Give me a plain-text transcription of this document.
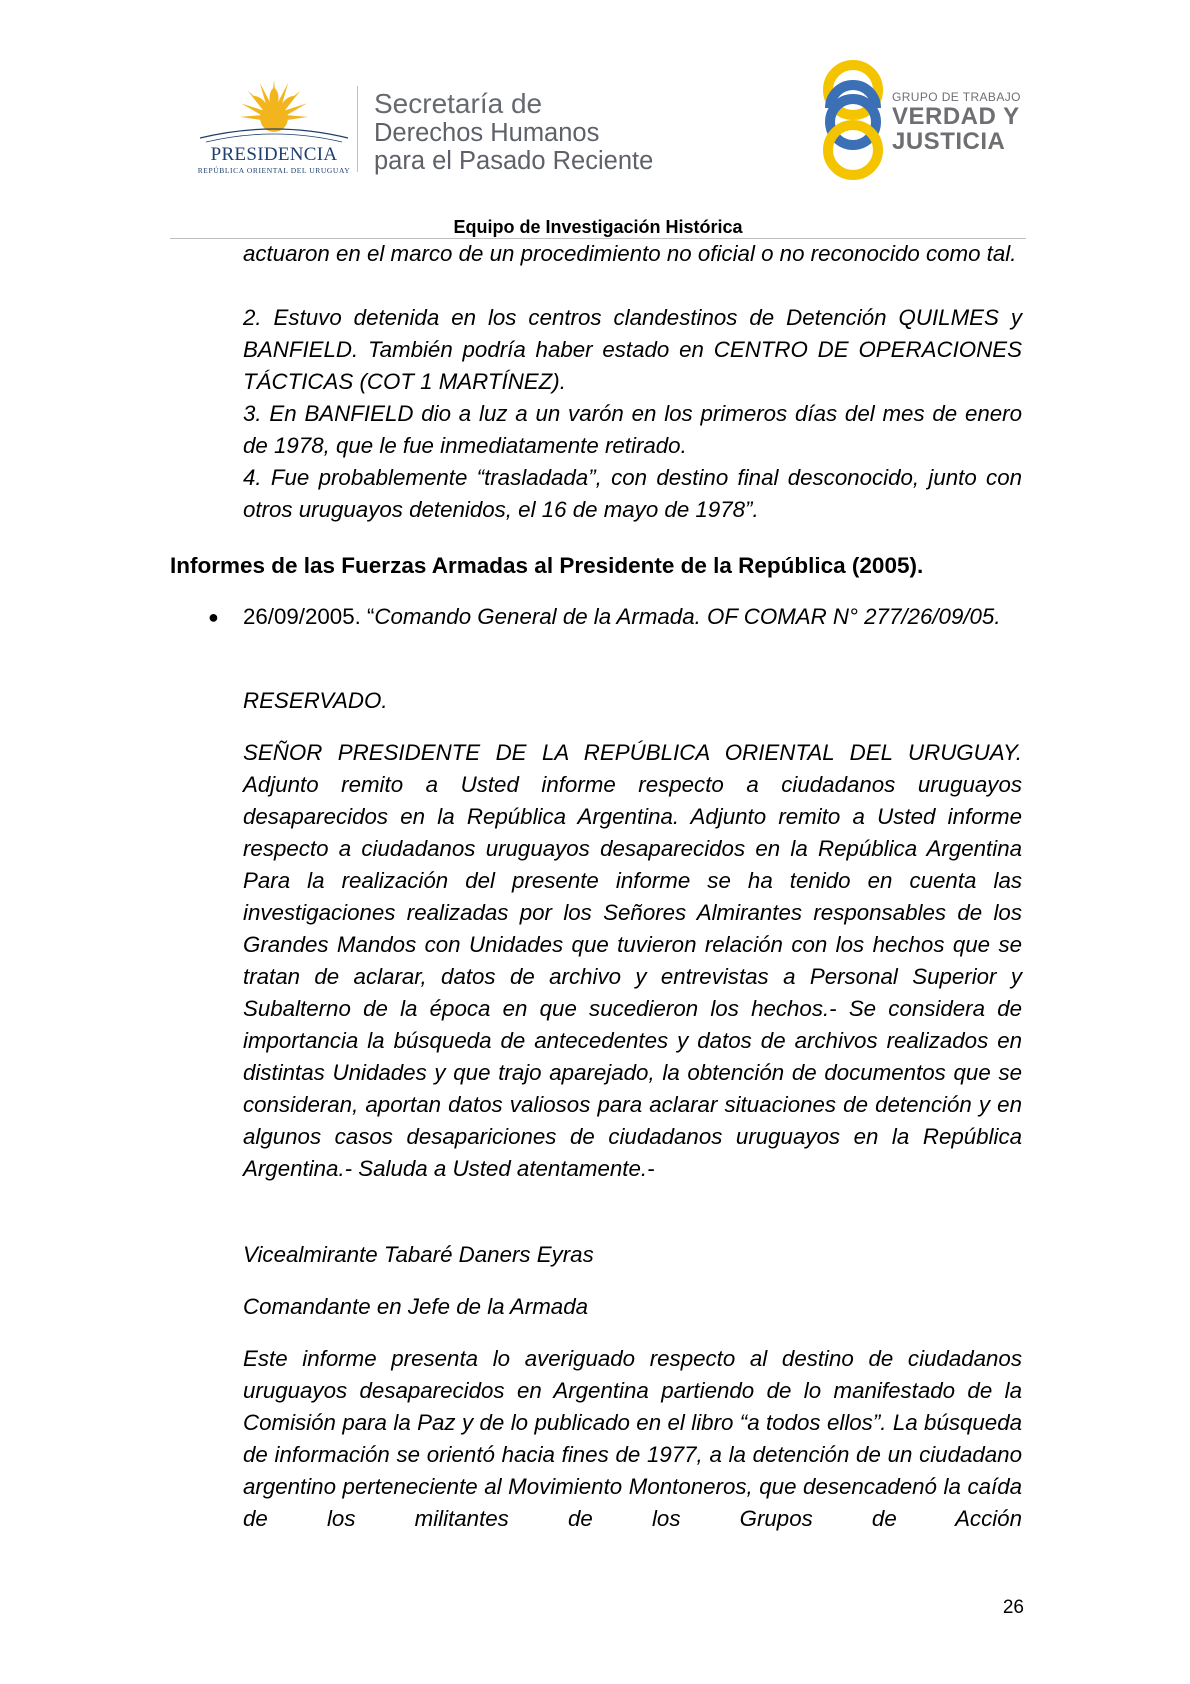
PRESIDENCIA
REPÚBLICA ORIENTAL DEL URUGUAY
Secretaría de
Derechos Humanos
para el Pasado Reciente
GRUPO DE TRABAJO
VERDAD Y
JUSTICIA
Equipo de Investigación Histórica

actuaron en el marco de un procedimiento no oficial o no reconocido como tal.

2. Estuvo detenida en los centros clandestinos de Detención QUILMES y BANFIELD. También podría haber estado en CENTRO DE OPERACIONES TÁCTICAS (COT 1 MARTÍNEZ).

3. En BANFIELD dio a luz a un varón en los primeros días del mes de enero de 1978, que le fue inmediatamente retirado.

4. Fue probablemente “trasladada”, con destino final desconocido, junto con otros uruguayos detenidos, el 16 de mayo de 1978”.

Informes de las Fuerzas Armadas al Presidente de la República (2005).
● 26/09/2005. “Comando General de la Armada. OF COMAR N° 277/26/09/05.

RESERVADO.

SEÑOR PRESIDENTE DE LA REPÚBLICA ORIENTAL DEL URUGUAY. Adjunto remito a Usted informe respecto a ciudadanos uruguayos desaparecidos en la República Argentina. Adjunto remito a Usted informe respecto a ciudadanos uruguayos desaparecidos en la República Argentina Para la realización del presente informe se ha tenido en cuenta las investigaciones realizadas por los Señores Almirantes responsables de los Grandes Mandos con Unidades que tuvieron relación con los hechos que se tratan de aclarar, datos de archivo y entrevistas a Personal Superior y Subalterno de la época en que sucedieron los hechos.- Se considera de importancia la búsqueda de antecedentes y datos de archivos realizados en distintas Unidades y que trajo aparejado, la obtención de documentos que se consideran, aportan datos valiosos para aclarar situaciones de detención y en algunos casos desapariciones de ciudadanos uruguayos en la República Argentina.- Saluda a Usted atentamente.-

Vicealmirante Tabaré Daners Eyras

Comandante en Jefe de la Armada

Este informe presenta lo averiguado respecto al destino de ciudadanos uruguayos desaparecidos en Argentina partiendo de lo manifestado de la Comisión para la Paz y de lo publicado en el libro “a todos ellos”. La búsqueda de información se orientó hacia fines de 1977, a la detención de un ciudadano argentino perteneciente al Movimiento Montoneros, que desencadenó la caída de los militantes de los Grupos de Acción

26
